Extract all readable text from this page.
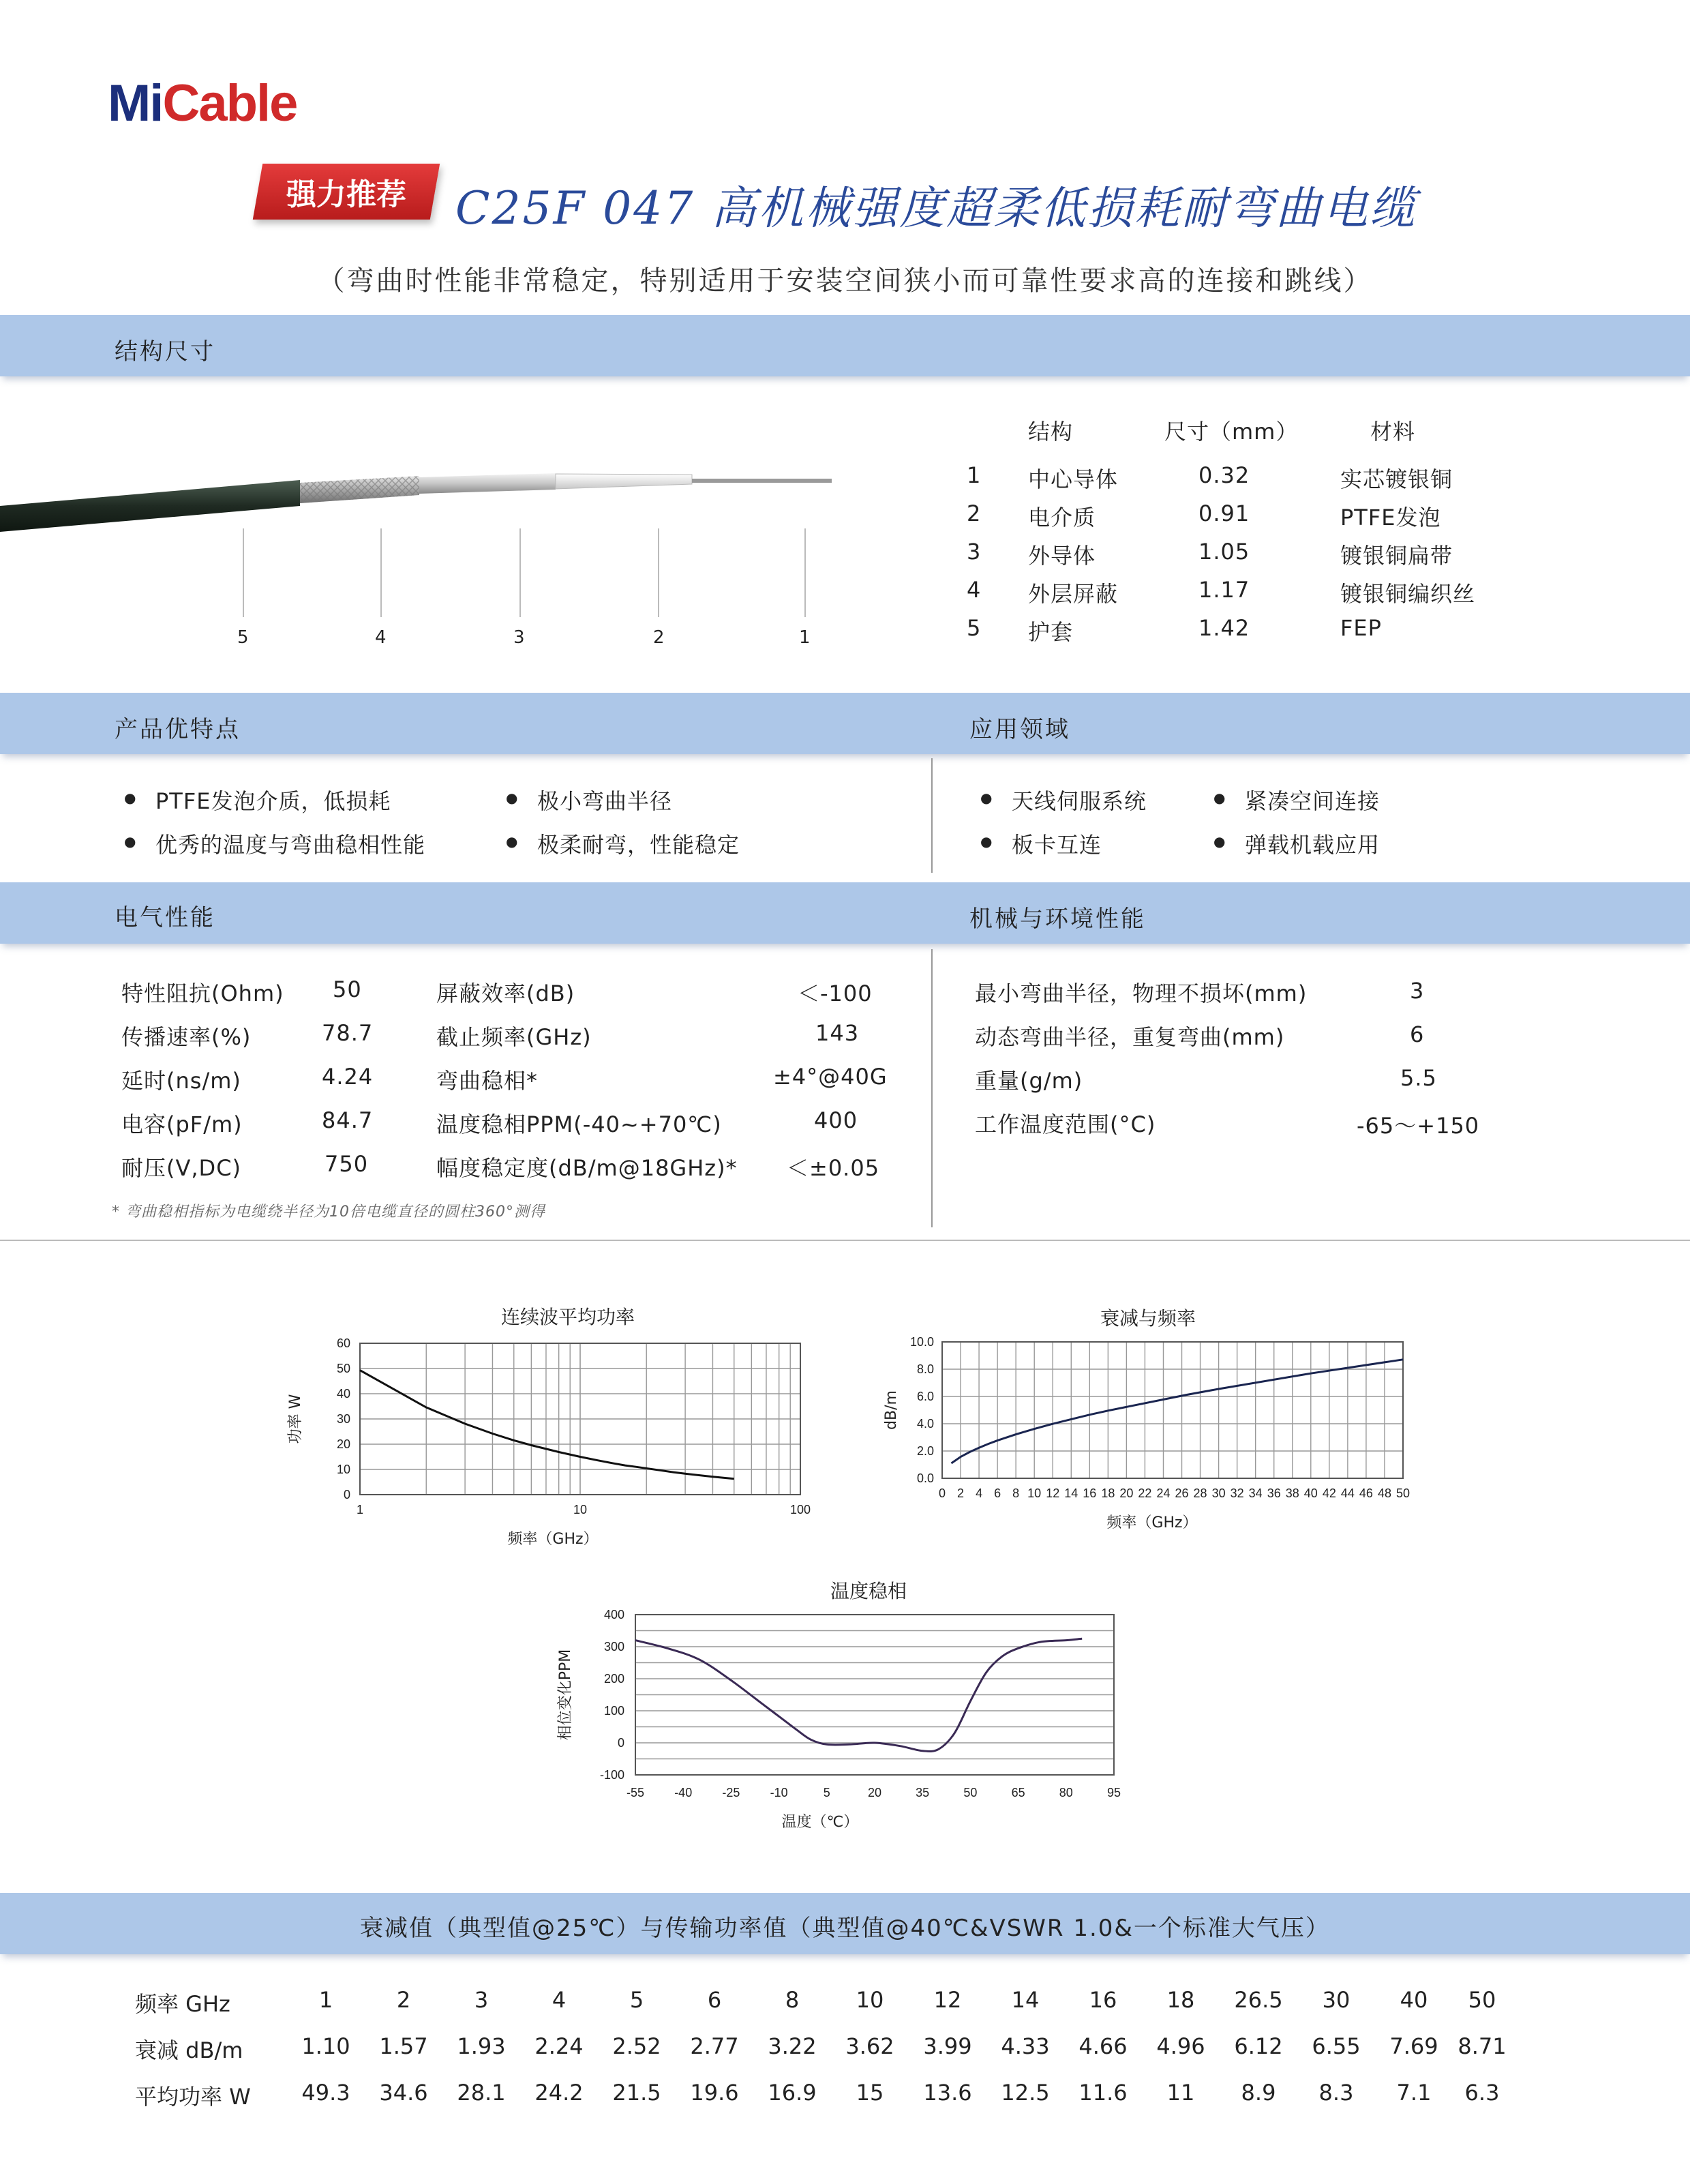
MiCable
强力推荐 C25F 047 高机械强度超柔低损耗耐弯曲电缆
（弯曲时性能非常稳定，特别适用于安装空间狭小而可靠性要求高的连接和跳线）
结构尺寸
5	4	3	2	1
结构	尺寸（mm）	材料
1 中心导体	0.32	实芯镀银铜
2 电介质	0.91	PTFE发泡
3 外导体	1.05	镀银铜扁带
4 外层屏蔽	1.17	镀银铜编织丝
5 护套	1.42	FEP
产品优特点	应用领域
● PTFE发泡介质，低损耗	● 极小弯曲半径
● 优秀的温度与弯曲稳相性能	● 极柔耐弯，性能稳定
● 天线伺服系统	● 紧凑空间连接
● 板卡互连	● 弹载机载应用
电气性能	机械与环境性能
特性阻抗(Ohm) 50
传播速率(%)	78.7
延时(ns/m)	4.24
电容(pF/m)	84.7
耐压(V,DC)	750
屏蔽效率(dB)	＜-100
截止频率(GHz)	143
弯曲稳相*	±4°@40G
温度稳相PPM(-40~+70℃)	400
幅度稳定度(dB/m@18GHz)* ＜±0.05
* 弯曲稳相指标为电缆绕半径为10倍电缆直径的圆柱360°测得
最小弯曲半径，物理不损坏(mm)	3
动态弯曲半径，重复弯曲(mm)	6
重量(g/m)	5.5
工作温度范围(°C)	-65～+150
连续波平均功率
0
10
20
30
40
50
60
1	10	100
频率（GHz）
功率 W
衰减与频率
0.0
2.0
4.0
6.0
8.0
10.0
0 2 4 6 8 10 12 14 16 18 20 22 24 26 28 30 32 34 36 38 40 42 44 46 48 50
频率（GHz）
dB/m
温度稳相
-100
0
100
200
300
400
-55 -40 -25 -10	5	20	35	50	65	80	95
温度（℃）
相位变化PPM
衰减值（典型值@25℃）与传输功率值（典型值@40℃&VSWR 1.0&一个标准大气压）
频率 GHz	1	2	3	4	5	6	8	10	12	14	16	18	26.5	30	40	50
衰减 dB/m	1.10	1.57	1.93	2.24	2.52	2.77	3.22	3.62	3.99	4.33	4.66	4.96	6.12	6.55	7.69 8.71
平均功率 W	49.3	34.6	28.1	24.2	21.5	19.6	16.9	15	13.6	12.5	11.6	11	8.9	8.3	7.1	6.3
